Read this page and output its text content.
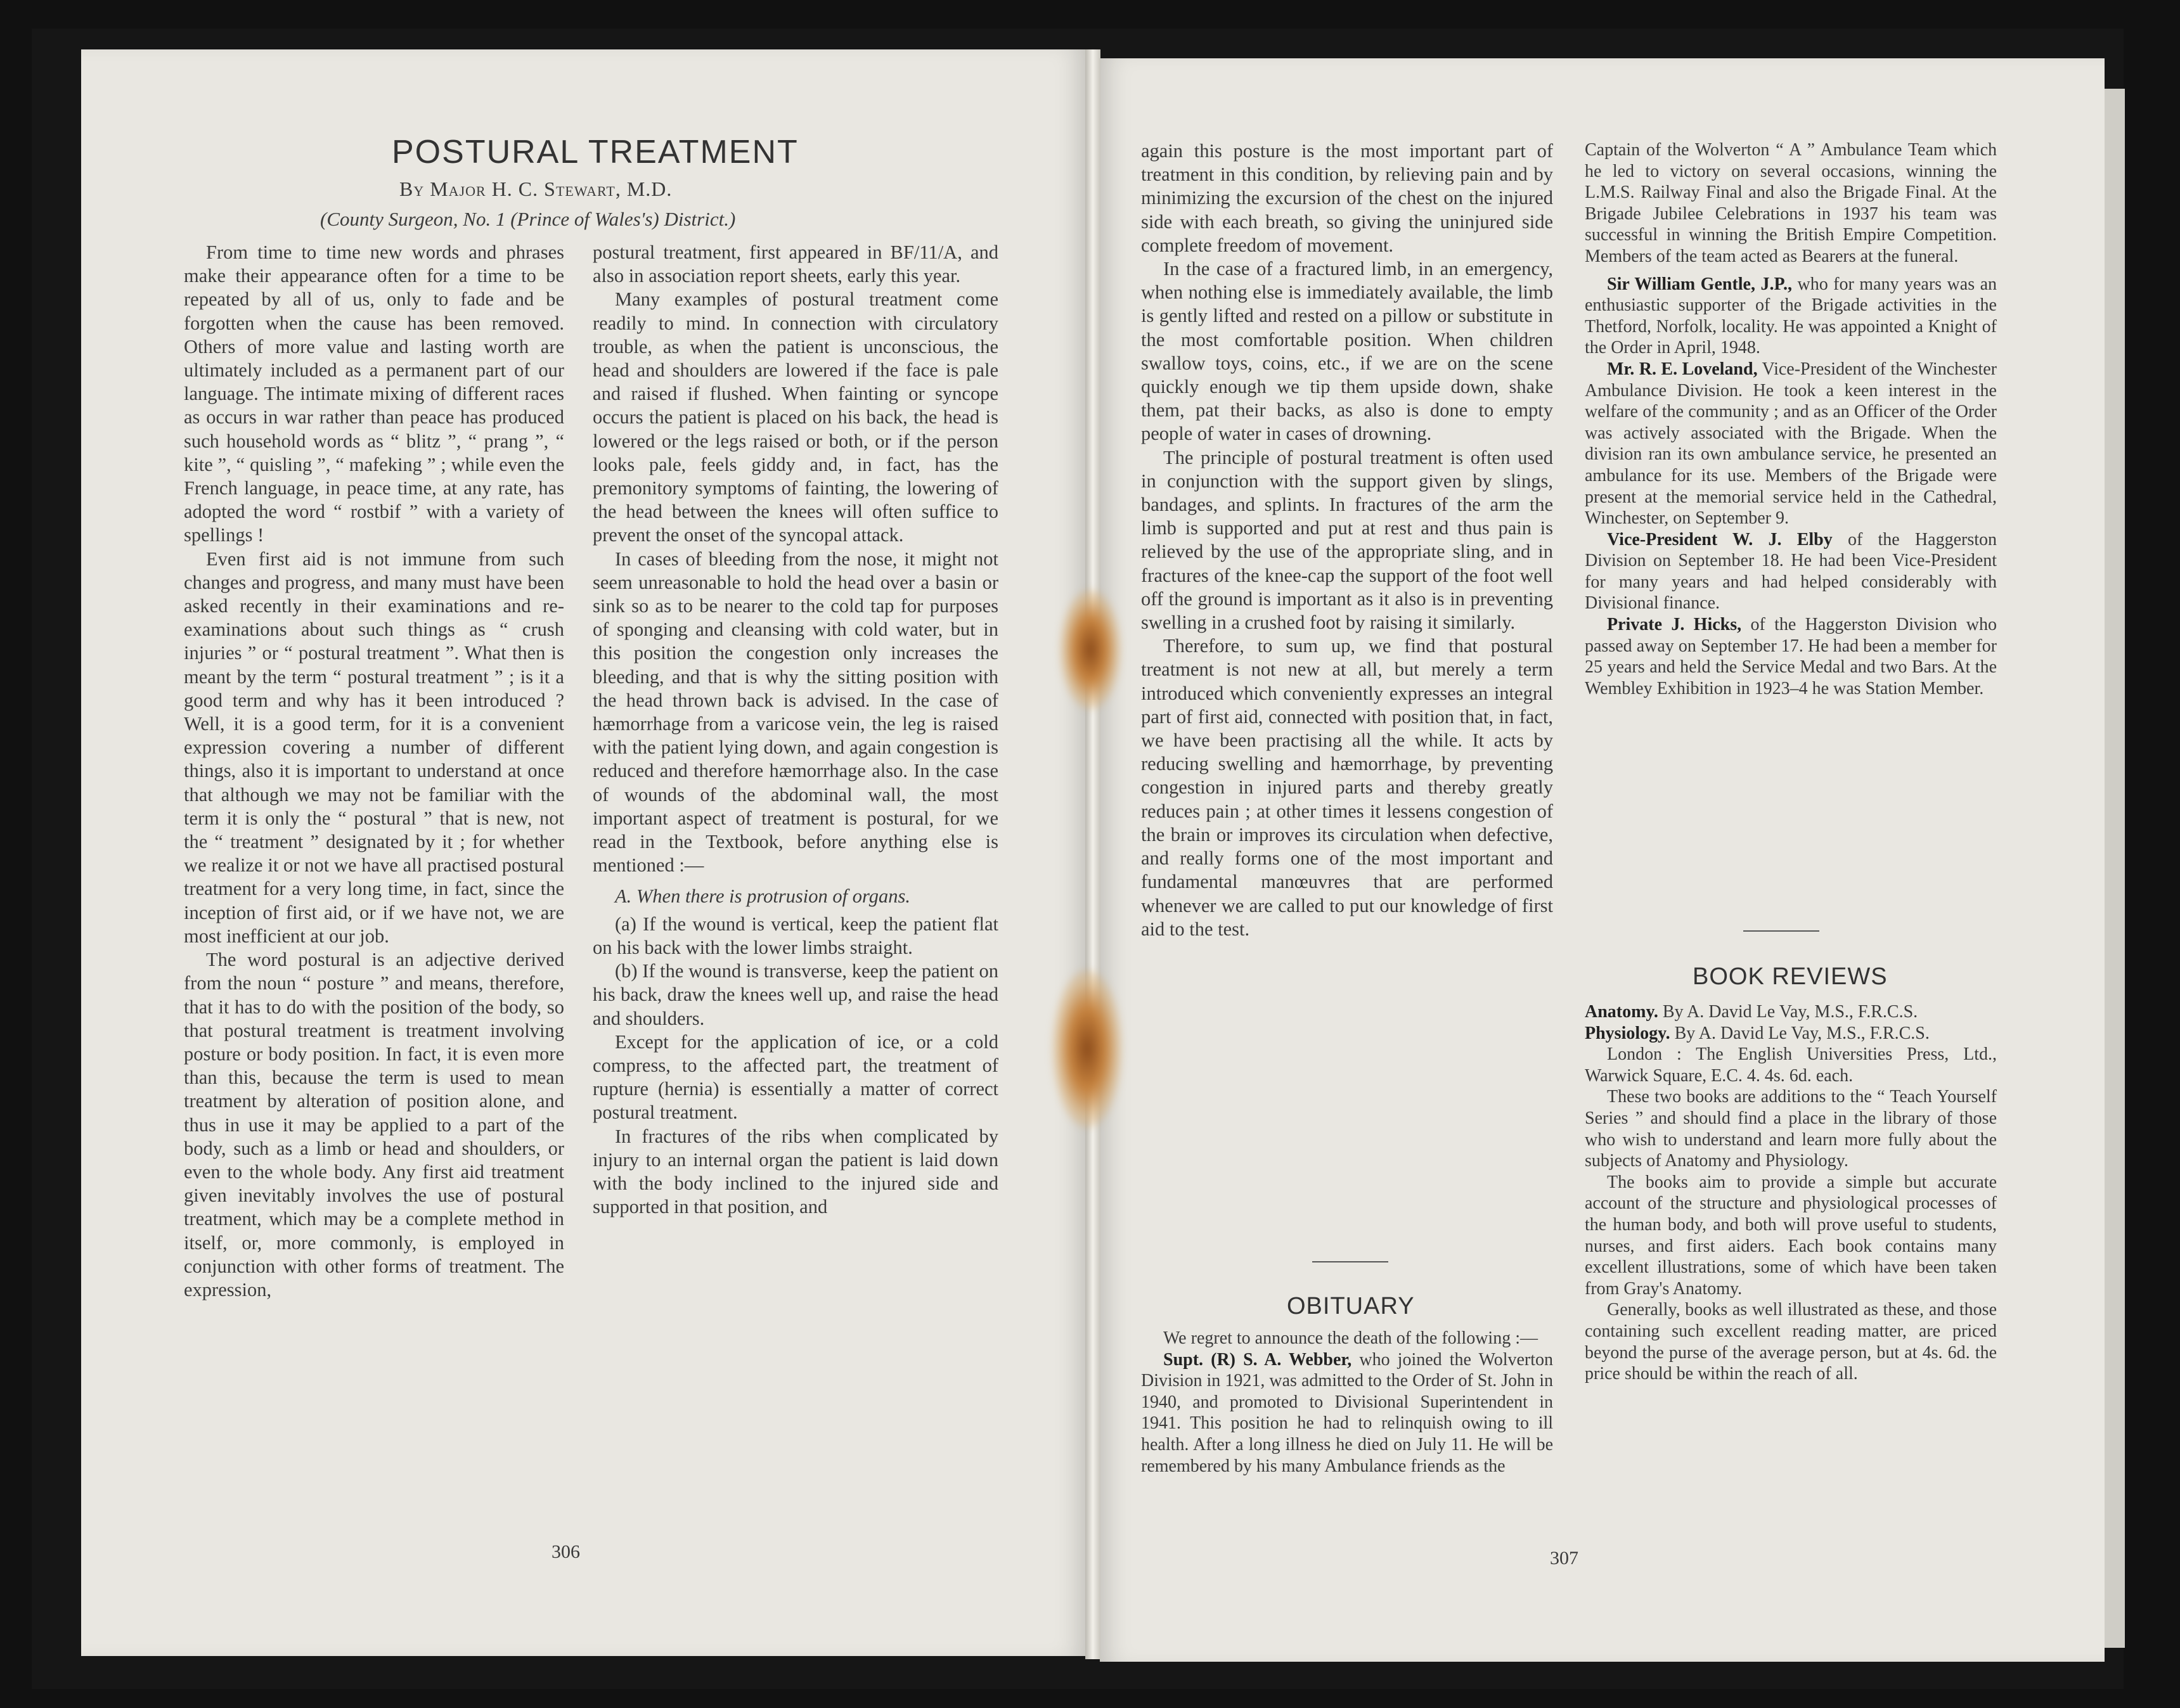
POSTURAL TREATMENT

By Major H. C. Stewart, M.D.

(County Surgeon, No. 1 (Prince of Wales's) District.)

From time to time new words and phrases make their appearance often for a time to be repeated by all of us, only to fade and be forgotten when the cause has been removed. Others of more value and lasting worth are ultimately included as a permanent part of our language. The intimate mixing of different races as occurs in war rather than peace has produced such household words as “ blitz ”, “ prang ”, “ kite ”, “ quisling ”, “ mafeking ” ; while even the French language, in peace time, at any rate, has adopted the word “ rostbif ” with a variety of spellings !

Even first aid is not immune from such changes and progress, and many must have been asked recently in their examinations and re-examinations about such things as “ crush injuries ” or “ postural treatment ”. What then is meant by the term “ postural treatment ” ; is it a good term and why has it been introduced ? Well, it is a good term, for it is a convenient expression covering a number of different things, also it is important to understand at once that although we may not be familiar with the term it is only the “ postural ” that is new, not the “ treatment ” designated by it ; for whether we realize it or not we have all practised postural treatment for a very long time, in fact, since the inception of first aid, or if we have not, we are most inefficient at our job.

The word postural is an adjective derived from the noun “ posture ” and means, therefore, that it has to do with the position of the body, so that postural treatment is treatment involving posture or body position. In fact, it is even more than this, because the term is used to mean treatment by alteration of position alone, and thus in use it may be applied to a part of the body, such as a limb or head and shoulders, or even to the whole body. Any first aid treatment given inevitably involves the use of postural treatment, which may be a complete method in itself, or, more commonly, is employed in conjunction with other forms of treatment. The expression,

postural treatment, first appeared in BF/11/A, and also in association report sheets, early this year.

Many examples of postural treatment come readily to mind. In connection with circulatory trouble, as when the patient is unconscious, the head and shoulders are lowered if the face is pale and raised if flushed. When fainting or syncope occurs the patient is placed on his back, the head is lowered or the legs raised or both, or if the person looks pale, feels giddy and, in fact, has the premonitory symptoms of fainting, the lowering of the head between the knees will often suffice to prevent the onset of the syncopal attack.

In cases of bleeding from the nose, it might not seem unreasonable to hold the head over a basin or sink so as to be nearer to the cold tap for purposes of sponging and cleansing with cold water, but in this position the congestion only increases the bleeding, and that is why the sitting position with the head thrown back is advised. In the case of hæmorrhage from a varicose vein, the leg is raised with the patient lying down, and again congestion is reduced and therefore hæmorrhage also. In the case of wounds of the abdominal wall, the most important aspect of treatment is postural, for we read in the Textbook, before anything else is mentioned :—

A. When there is protrusion of organs.

(a) If the wound is vertical, keep the patient flat on his back with the lower limbs straight.

(b) If the wound is transverse, keep the patient on his back, draw the knees well up, and raise the head and shoulders.

Except for the application of ice, or a cold compress, to the affected part, the treatment of rupture (hernia) is essentially a matter of correct postural treatment.

In fractures of the ribs when complicated by injury to an internal organ the patient is laid down with the body inclined to the injured side and supported in that position, and

306

again this posture is the most important part of treatment in this condition, by relieving pain and by minimizing the excursion of the chest on the injured side with each breath, so giving the uninjured side complete freedom of movement.

In the case of a fractured limb, in an emergency, when nothing else is immediately available, the limb is gently lifted and rested on a pillow or substitute in the most comfortable position. When children swallow toys, coins, etc., if we are on the scene quickly enough we tip them upside down, shake them, pat their backs, as also is done to empty people of water in cases of drowning.

The principle of postural treatment is often used in conjunction with the support given by slings, bandages, and splints. In fractures of the arm the limb is supported and put at rest and thus pain is relieved by the use of the appropriate sling, and in fractures of the knee-cap the support of the foot well off the ground is important as it also is in preventing swelling in a crushed foot by raising it similarly.

Therefore, to sum up, we find that postural treatment is not new at all, but merely a term introduced which conveniently expresses an integral part of first aid, connected with position that, in fact, we have been practising all the while. It acts by reducing swelling and hæmorrhage, by preventing congestion in injured parts and thereby greatly reduces pain ; at other times it lessens congestion of the brain or improves its circulation when defective, and really forms one of the most important and fundamental manœuvres that are performed whenever we are called to put our knowledge of first aid to the test.

OBITUARY

We regret to announce the death of the following :—

Supt. (R) S. A. Webber, who joined the Wolverton Division in 1921, was admitted to the Order of St. John in 1940, and promoted to Divisional Superintendent in 1941. This position he had to relinquish owing to ill health. After a long illness he died on July 11. He will be remembered by his many Ambulance friends as the

Captain of the Wolverton “ A ” Ambulance Team which he led to victory on several occasions, winning the L.M.S. Railway Final and also the Brigade Final. At the Brigade Jubilee Celebrations in 1937 his team was successful in winning the British Empire Competition. Members of the team acted as Bearers at the funeral.

Sir William Gentle, J.P., who for many years was an enthusiastic supporter of the Brigade activities in the Thetford, Norfolk, locality. He was appointed a Knight of the Order in April, 1948.

Mr. R. E. Loveland, Vice-President of the Winchester Ambulance Division. He took a keen interest in the welfare of the community ; and as an Officer of the Order was actively associated with the Brigade. When the division ran its own ambulance service, he presented an ambulance for its use. Members of the Brigade were present at the memorial service held in the Cathedral, Winchester, on September 9.

Vice-President W. J. Elby of the Haggerston Division on September 18. He had been Vice-President for many years and had helped considerably with Divisional finance.

Private J. Hicks, of the Haggerston Division who passed away on September 17. He had been a member for 25 years and held the Service Medal and two Bars. At the Wembley Exhibition in 1923–4 he was Station Member.

BOOK REVIEWS

Anatomy. By A. David Le Vay, M.S., F.R.C.S.

Physiology. By A. David Le Vay, M.S., F.R.C.S.

London : The English Universities Press, Ltd., Warwick Square, E.C. 4. 4s. 6d. each.

These two books are additions to the “ Teach Yourself Series ” and should find a place in the library of those who wish to understand and learn more fully about the subjects of Anatomy and Physiology.

The books aim to provide a simple but accurate account of the structure and physiological processes of the human body, and both will prove useful to students, nurses, and first aiders. Each book contains many excellent illustrations, some of which have been taken from Gray's Anatomy.

Generally, books as well illustrated as these, and those containing such excellent reading matter, are priced beyond the purse of the average person, but at 4s. 6d. the price should be within the reach of all.

307
